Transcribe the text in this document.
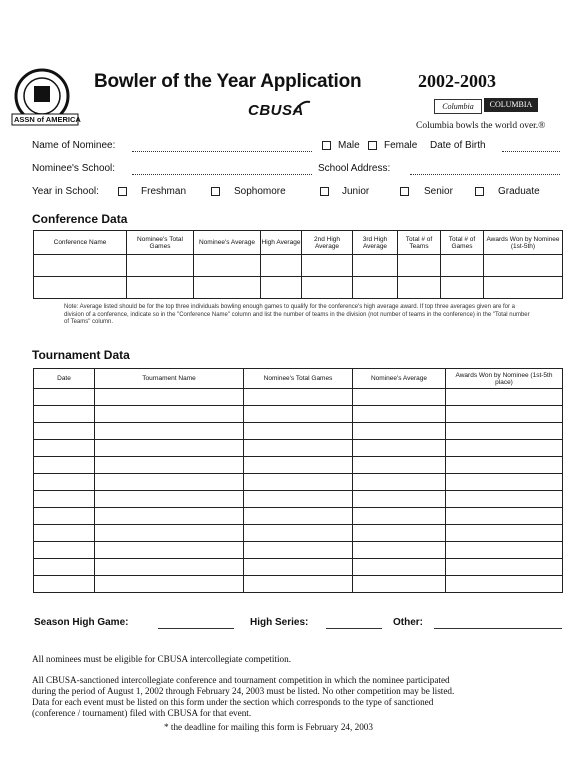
ASSN of AMERICA
Bowler of the Year Application	2002-2003
CBUSA	Columbia	COLUMBIA 300
Columbia bowls the world over.®
Name of Nominee:	Male Female Date of Birth
Nominee's School:	School Address:
Year in School:	Freshman	Sophomore	Junior	Senior	Graduate
Conference Data
Conference Name	Nominee's Total Games	Nominee's Average	High Average	2nd High Average	3rd High Average	Total # of Teams	Total # of Games	Awards Won by Nominee (1st-5th)

Note: Average listed should be for the top three individuals bowling enough games to qualify for the conference's high average award. If top three averages given are for a division of a conference, indicate so in the "Conference Name" column and list the number of teams in the division (not number of teams in the conference) in the "Total number of Teams" column.
Tournament Data
Date	Tournament Name	Nominee's Total Games	Nominee's Average	Awards Won by Nominee (1st-5th place)

Season High Game:	High Series:	Other:
All nominees must be eligible for CBUSA intercollegiate competition.
All CBUSA-sanctioned intercollegiate conference and tournament competition in which the nominee participated
during the period of August 1, 2002 through February 24, 2003 must be listed. No other competition may be listed.
Data for each event must be listed on this form under the section which corresponds to the type of sanctioned
(conference / tournament) filed with CBUSA for that event.
* the deadline for mailing this form is February 24, 2003
